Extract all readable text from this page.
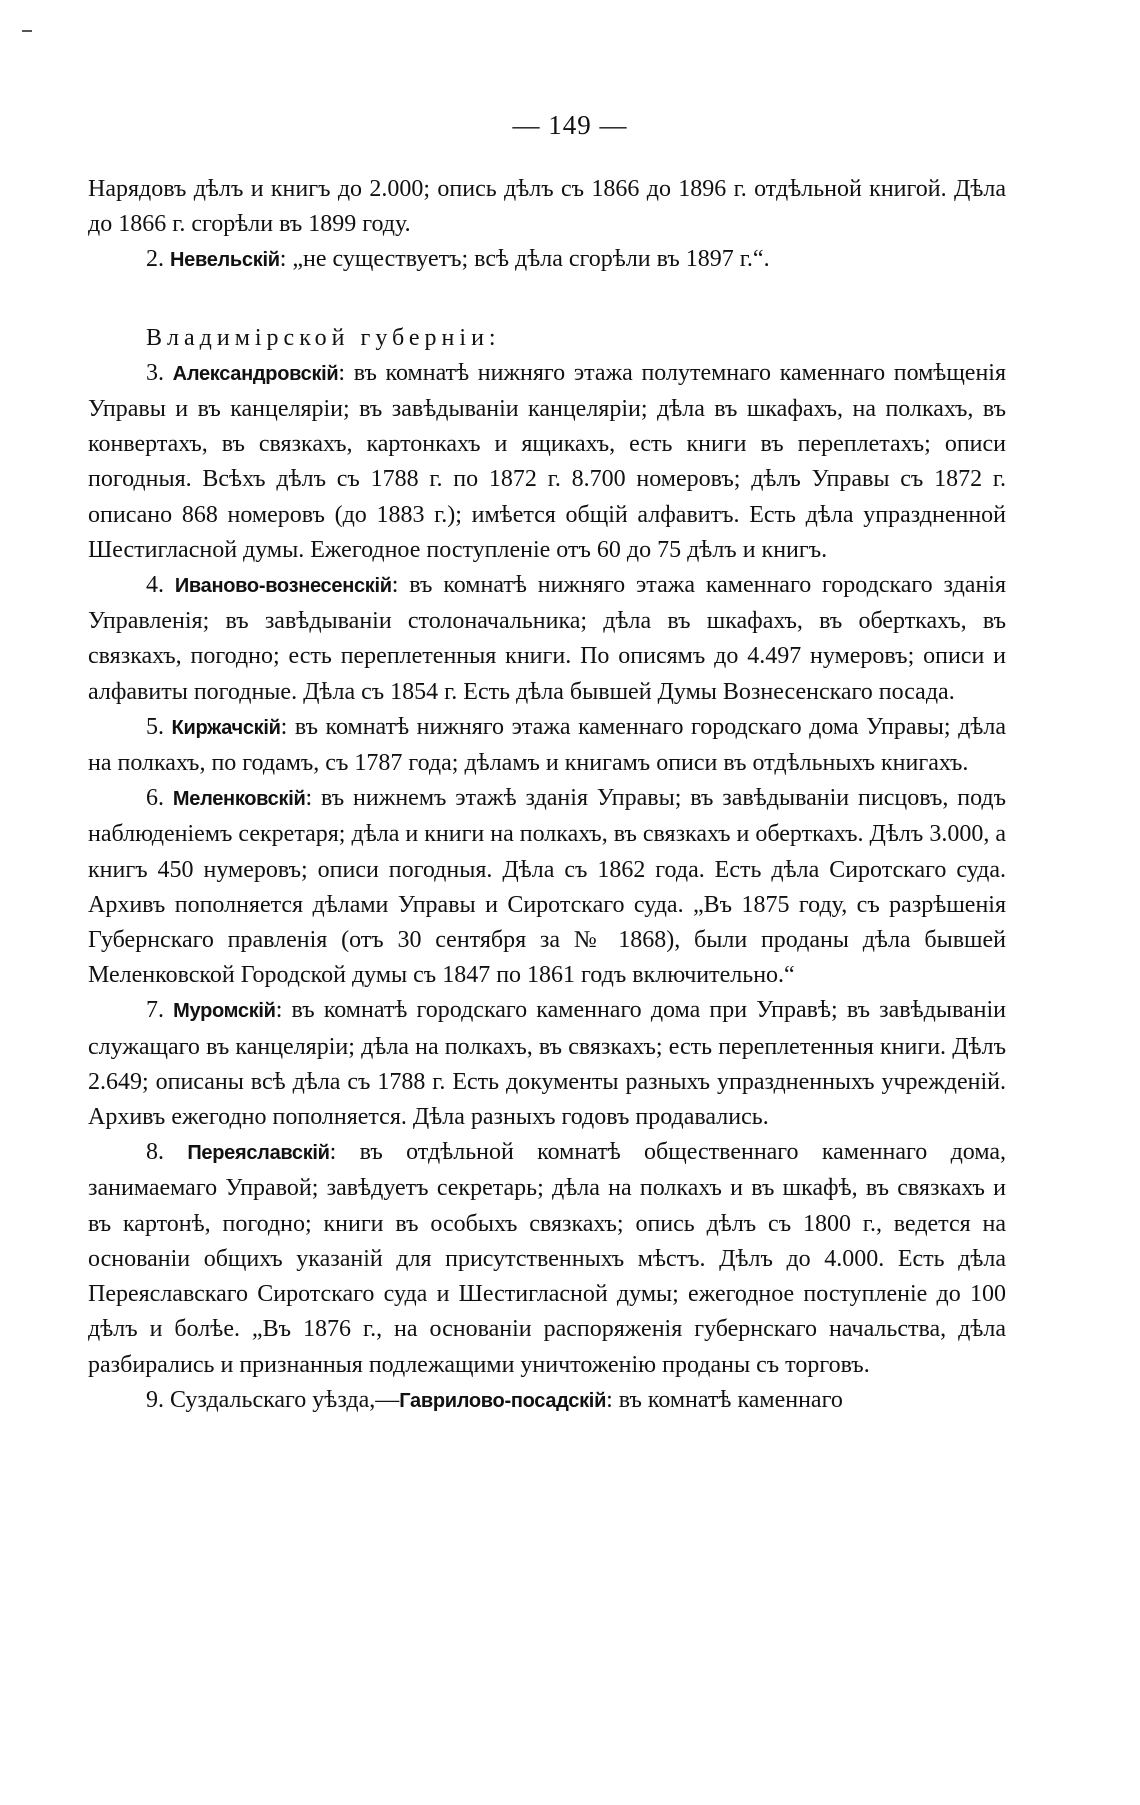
— 149 —

Нарядовъ дѣлъ и книгъ до 2.000; опись дѣлъ съ 1866 до 1896 г. отдѣльной книгой. Дѣла до 1866 г. сгорѣли въ 1899 году.

2. Невельскій: „не существуетъ; всѣ дѣла сгорѣли въ 1897 г.“.

Владимірской губерніи:

3. Александровскій: въ комнатѣ нижняго этажа полутемнаго каменнаго помѣщенія Управы и въ канцеляріи; въ завѣдываніи канцеляріи; дѣла въ шкафахъ, на полкахъ, въ конвертахъ, въ связкахъ, картонкахъ и ящикахъ, есть книги въ переплетахъ; описи погодныя. Всѣхъ дѣлъ съ 1788 г. по 1872 г. 8.700 номеровъ; дѣлъ Управы съ 1872 г. описано 868 номеровъ (до 1883 г.); имѣется общій алфавитъ. Есть дѣла упраздненной Шестигласной думы. Ежегодное поступленіе отъ 60 до 75 дѣлъ и книгъ.

4. Иваново-вознесенскій: въ комнатѣ нижняго этажа каменнаго городскаго зданія Управленія; въ завѣдываніи столоначальника; дѣла въ шкафахъ, въ оберткахъ, въ связкахъ, погодно; есть переплетенныя книги. По описямъ до 4.497 нумеровъ; описи и алфавиты погодные. Дѣла съ 1854 г. Есть дѣла бывшей Думы Вознесенскаго посада.

5. Киржачскій: въ комнатѣ нижняго этажа каменнаго городскаго дома Управы; дѣла на полкахъ, по годамъ, съ 1787 года; дѣламъ и книгамъ описи въ отдѣльныхъ книгахъ.

6. Меленковскій: въ нижнемъ этажѣ зданія Управы; въ завѣдываніи писцовъ, подъ наблюденіемъ секретаря; дѣла и книги на полкахъ, въ связкахъ и оберткахъ. Дѣлъ 3.000, а книгъ 450 нумеровъ; описи погодныя. Дѣла съ 1862 года. Есть дѣла Сиротскаго суда. Архивъ пополняется дѣлами Управы и Сиротскаго суда. „Въ 1875 году, съ разрѣшенія Губернскаго правленія (отъ 30 сентября за № 1868), были проданы дѣла бывшей Меленковской Городской думы съ 1847 по 1861 годъ включительно.“

7. Муромскій: въ комнатѣ городскаго каменнаго дома при Управѣ; въ завѣдываніи служащаго въ канцеляріи; дѣла на полкахъ, въ связкахъ; есть переплетенныя книги. Дѣлъ 2.649; описаны всѣ дѣла съ 1788 г. Есть документы разныхъ упраздненныхъ учрежденій. Архивъ ежегодно пополняется. Дѣла разныхъ годовъ продавались.

8. Переяславскій: въ отдѣльной комнатѣ общественнаго каменнаго дома, занимаемаго Управой; завѣдуетъ секретарь; дѣла на полкахъ и въ шкафѣ, въ связкахъ и въ картонѣ, погодно; книги въ особыхъ связкахъ; опись дѣлъ съ 1800 г., ведется на основаніи общихъ указаній для присутственныхъ мѣстъ. Дѣлъ до 4.000. Есть дѣла Переяславскаго Сиротскаго суда и Шестигласной думы; ежегодное поступленіе до 100 дѣлъ и болѣе. „Въ 1876 г., на основаніи распоряженія губернскаго начальства, дѣла разбирались и признанныя подлежащими уничтоженію проданы съ торговъ.

9. Суздальскаго уѣзда,—Гаврилово-посадскій: въ комнатѣ каменнаго
